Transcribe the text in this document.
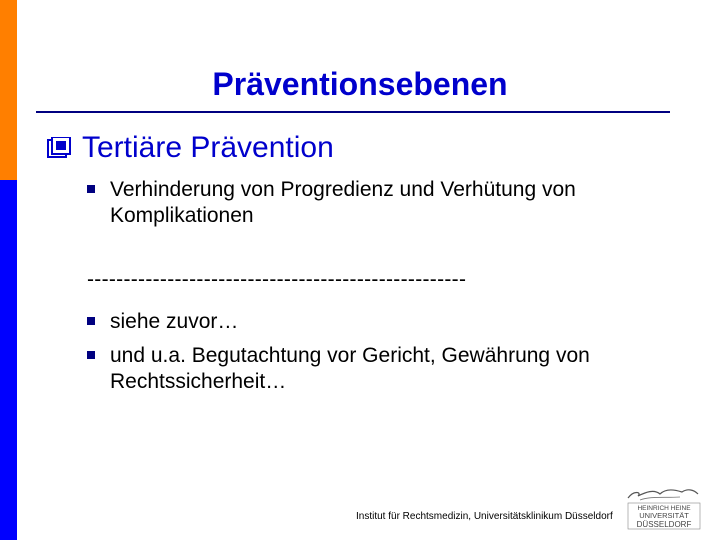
Präventionsebenen
Tertiäre Prävention
Verhinderung von Progredienz und Verhütung von Komplikationen
----------------------------------------------------
siehe zuvor…
und u.a. Begutachtung vor Gericht, Gewährung von Rechtssicherheit…
Institut für Rechtsmedizin, Universitätsklinikum Düsseldorf
HEINRICH HEINE
UNIVERSITÄT
DÜSSELDORF
